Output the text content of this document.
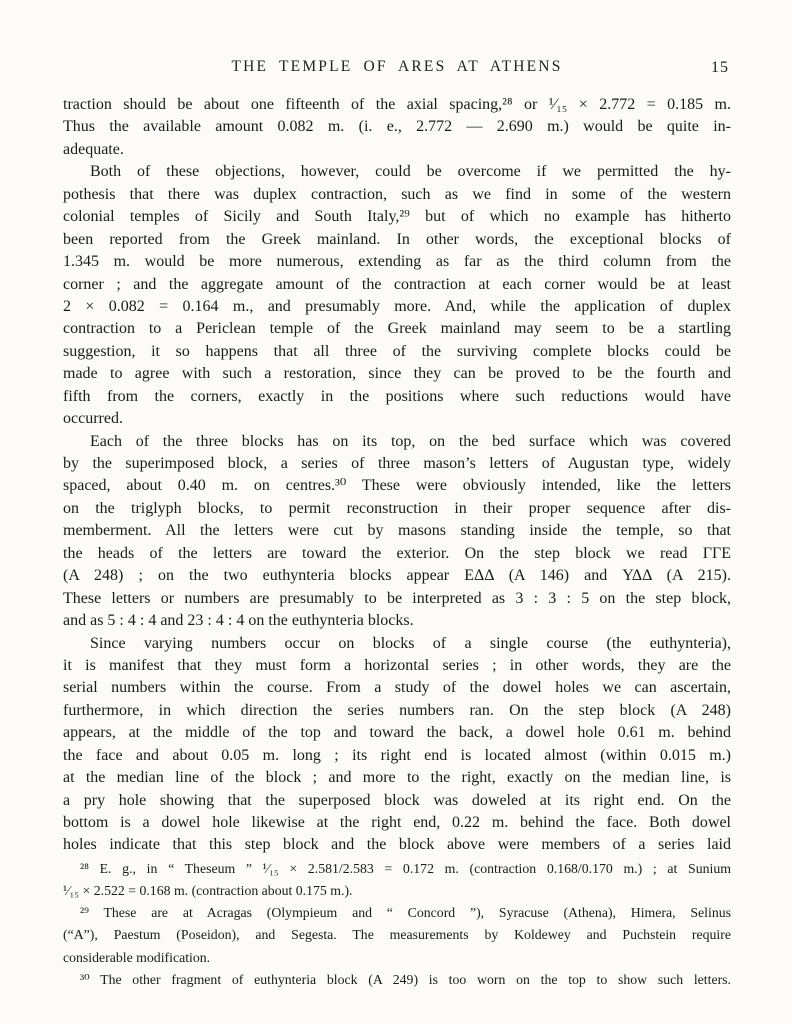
THE TEMPLE OF ARES AT ATHENS	15
traction should be about one fifteenth of the axial spacing,²⁸ or ¹⁄₁₅ × 2.772 = 0.185 m.
Thus the available amount 0.082 m. (i. e., 2.772 — 2.690 m.) would be quite in-
adequate.
Both of these objections, however, could be overcome if we permitted the hy-
pothesis that there was duplex contraction, such as we find in some of the western
colonial temples of Sicily and South Italy,²⁹ but of which no example has hitherto
been reported from the Greek mainland. In other words, the exceptional blocks of
1.345 m. would be more numerous, extending as far as the third column from the
corner ; and the aggregate amount of the contraction at each corner would be at least
2 × 0.082 = 0.164 m., and presumably more. And, while the application of duplex
contraction to a Periclean temple of the Greek mainland may seem to be a startling
suggestion, it so happens that all three of the surviving complete blocks could be
made to agree with such a restoration, since they can be proved to be the fourth and
fifth from the corners, exactly in the positions where such reductions would have
occurred.
Each of the three blocks has on its top, on the bed surface which was covered
by the superimposed block, a series of three mason’s letters of Augustan type, widely
spaced, about 0.40 m. on centres.³⁰ These were obviously intended, like the letters
on the triglyph blocks, to permit reconstruction in their proper sequence after dis-
memberment. All the letters were cut by masons standing inside the temple, so that
the heads of the letters are toward the exterior. On the step block we read ΓΓΕ
(A 248) ; on the two euthynteria blocks appear ΕΔΔ (A 146) and ΥΔΔ (A 215).
These letters or numbers are presumably to be interpreted as 3 : 3 : 5 on the step block,
and as 5 : 4 : 4 and 23 : 4 : 4 on the euthynteria blocks.
Since varying numbers occur on blocks of a single course (the euthynteria),
it is manifest that they must form a horizontal series ; in other words, they are the
serial numbers within the course. From a study of the dowel holes we can ascertain,
furthermore, in which direction the series numbers ran. On the step block (A 248)
appears, at the middle of the top and toward the back, a dowel hole 0.61 m. behind
the face and about 0.05 m. long ; its right end is located almost (within 0.015 m.)
at the median line of the block ; and more to the right, exactly on the median line, is
a pry hole showing that the superposed block was doweled at its right end. On the
bottom is a dowel hole likewise at the right end, 0.22 m. behind the face. Both dowel
holes indicate that this step block and the block above were members of a series laid
²⁸ E. g., in “ Theseum ” ¹⁄₁₅ × 2.581/2.583 = 0.172 m. (contraction 0.168/0.170 m.) ; at Sunium
¹⁄₁₅ × 2.522 = 0.168 m. (contraction about 0.175 m.).
²⁹ These are at Acragas (Olympieum and “ Concord ”), Syracuse (Athena), Himera, Selinus
(“A”), Paestum (Poseidon), and Segesta. The measurements by Koldewey and Puchstein require
considerable modification.
³⁰ The other fragment of euthynteria block (A 249) is too worn on the top to show such letters.
